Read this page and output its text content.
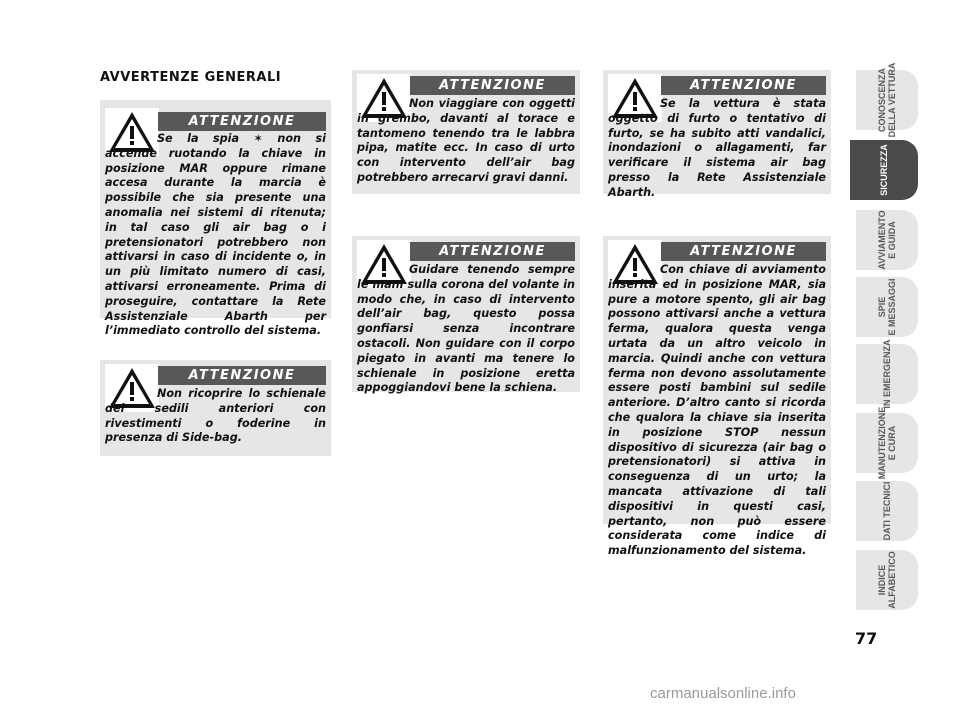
AVVERTENZE GENERALI
ATTENZIONE

Se la spia ✶ non si accende ruotando la chiave in posizione MAR oppure rimane accesa durante la marcia è possibile che sia presente una anomalia nei sistemi di ritenuta; in tal caso gli air bag o i pretensionatori potrebbero non attivarsi in caso di incidente o, in un più limitato numero di casi, attivarsi erroneamente. Prima di proseguire, contattare la Rete Assistenziale Abarth per l’immediato controllo del sistema.

ATTENZIONE

Non ricoprire lo schienale dei sedili anteriori con rivestimenti o foderine in presenza di Side-bag.

ATTENZIONE

Non viaggiare con oggetti in grembo, davanti al torace e tantomeno tenendo tra le labbra pipa, matite ecc. In caso di urto con intervento dell’air bag potrebbero arrecarvi gravi danni.

ATTENZIONE

Guidare tenendo sempre le mani sulla corona del volante in modo che, in caso di intervento dell’air bag, questo possa gonfiarsi senza incontrare ostacoli. Non guidare con il corpo piegato in avanti ma tenere lo schienale in posizione eretta appoggiandovi bene la schiena.

ATTENZIONE

Se la vettura è stata oggetto di furto o tentativo di furto, se ha subito atti vandalici, inondazioni o allagamenti, far verificare il sistema air bag presso la Rete Assistenziale Abarth.

ATTENZIONE

Con chiave di avviamento inserita ed in posizione MAR, sia pure a motore spento, gli air bag possono attivarsi anche a vettura ferma, qualora questa venga urtata da un altro veicolo in marcia. Quindi anche con vettura ferma non devono assolutamente essere posti bambini sul sedile anteriore. D’altro canto si ricorda che qualora la chiave sia inserita in posizione STOP nessun dispositivo di sicurezza (air bag o pretensionatori) si attiva in conseguenza di un urto; la mancata attivazione di tali dispositivi in questi casi, pertanto, non può essere considerata come indice di malfunzionamento del sistema.

CONOSCENZA
DELLA VETTURA
SICUREZZA
AVVIAMENTO
E GUIDA
SPIE
E MESSAGGI
IN EMERGENZA
MANUTENZIONE
E CURA
DATI TECNICI
INDICE
ALFABETICO
77
carmanualsonline.info
